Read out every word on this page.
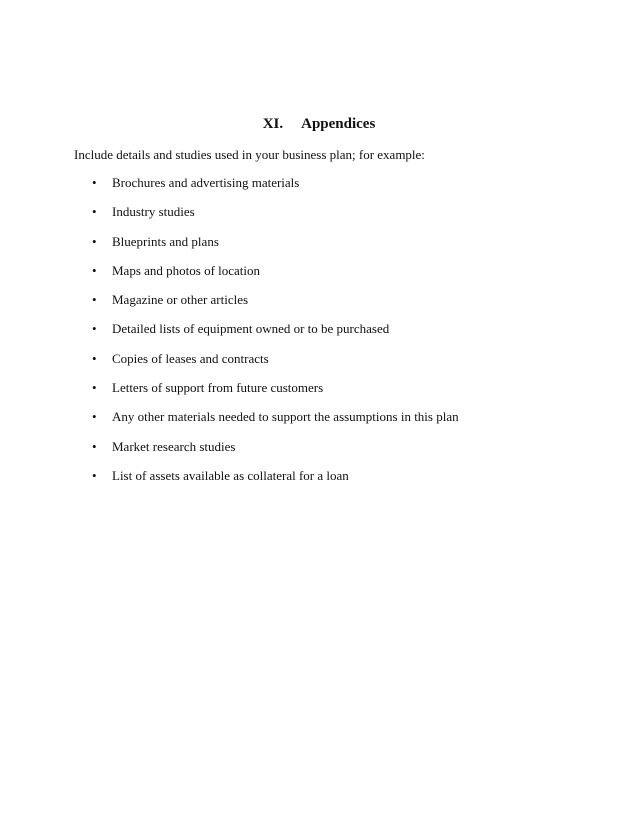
XI. Appendices
Include details and studies used in your business plan; for example:
• Brochures and advertising materials
• Industry studies
• Blueprints and plans
• Maps and photos of location
• Magazine or other articles
• Detailed lists of equipment owned or to be purchased
• Copies of leases and contracts
• Letters of support from future customers
• Any other materials needed to support the assumptions in this plan
• Market research studies
• List of assets available as collateral for a loan
